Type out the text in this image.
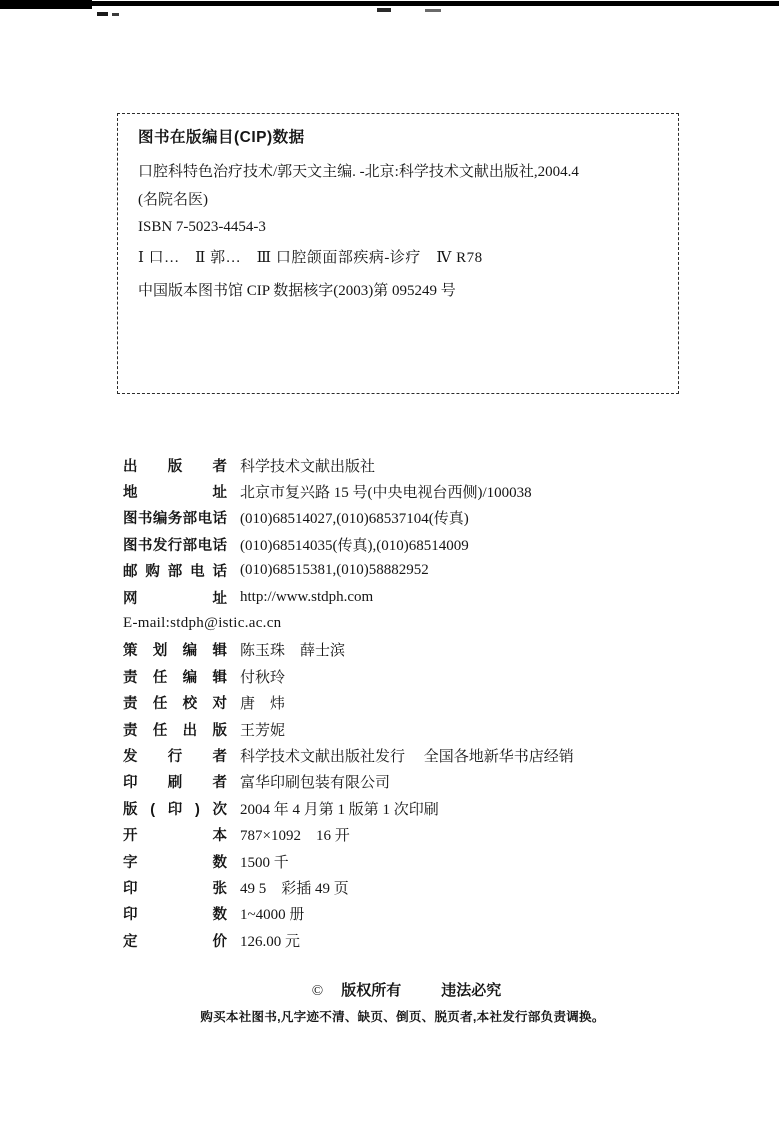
图书在版编目(CIP)数据
口腔科特色治疗技术/郭天文主编. -北京:科学技术文献出版社,2004.4
(名院名医)
ISBN 7-5023-4454-3
Ⅰ 口…　Ⅱ 郭…　Ⅲ 口腔颌面部疾病-诊疗　Ⅳ R78
中国版本图书馆 CIP 数据核字(2003)第 095249 号
出版者 科学技术文献出版社
地址 北京市复兴路 15 号(中央电视台西侧)/100038
图书编务部电话 (010)68514027,(010)68537104(传真)
图书发行部电话 (010)68514035(传真),(010)68514009
邮购部电话 (010)68515381,(010)58882952
网址 http://www.stdph.com
E-mail:stdph@istic.ac.cn
策划编辑 陈玉珠　薛士滨
责任编辑 付秋玲
责任校对 唐　炜
责任出版 王芳妮
发行者 科学技术文献出版社发行　 全国各地新华书店经销
印刷者 富华印刷包装有限公司
版(印)次 2004 年 4 月第 1 版第 1 次印刷
开本 787×1092　16 开
字数 1500 千
印张 49 5　彩插 49 页
印数 1~4000 册
定价 126.00 元
© 版权所有	违法必究
购买本社图书,凡字迹不清、缺页、倒页、脱页者,本社发行部负责调换。
